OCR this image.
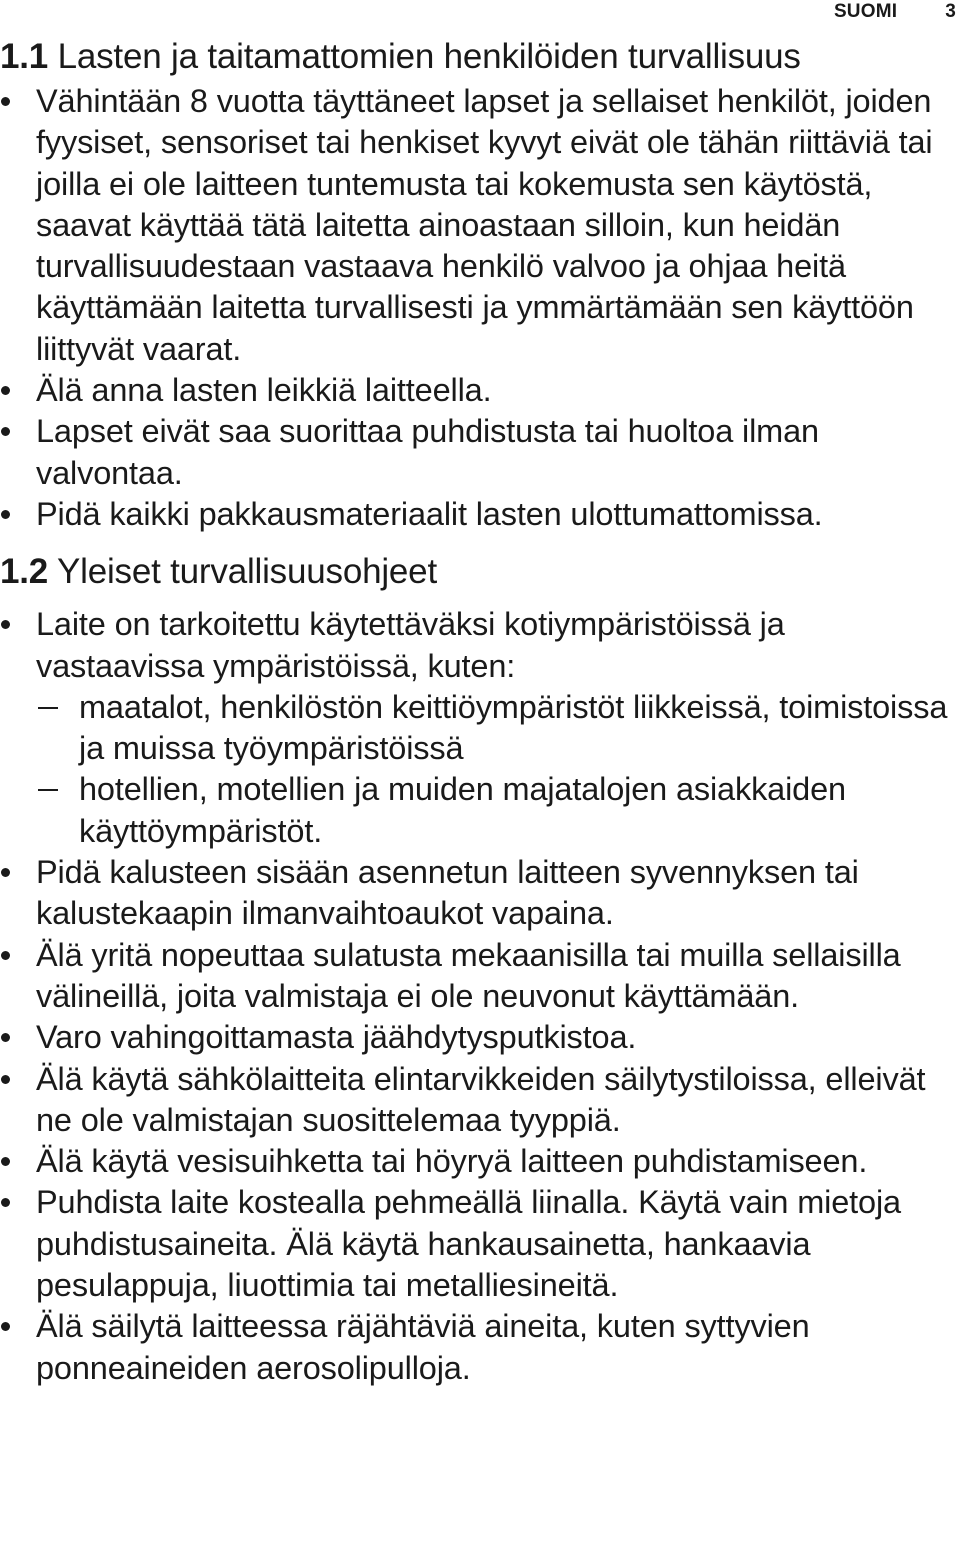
SUOMI	3
1.1 Lasten ja taitamattomien henkilöiden turvallisuus
Vähintään 8 vuotta täyttäneet lapset ja sellaiset henkilöt, joiden fyysiset, sensoriset tai henkiset kyvyt eivät ole tähän riittäviä tai joilla ei ole laitteen tuntemusta tai kokemusta sen käytöstä, saavat käyttää tätä laitetta ainoastaan silloin, kun heidän turvallisuudestaan vastaava henkilö valvoo ja ohjaa heitä käyttämään laitetta turvallisesti ja ymmärtämään sen käyttöön liittyvät vaarat.
Älä anna lasten leikkiä laitteella.
Lapset eivät saa suorittaa puhdistusta tai huoltoa ilman valvontaa.
Pidä kaikki pakkausmateriaalit lasten ulottumattomissa.
1.2 Yleiset turvallisuusohjeet
Laite on tarkoitettu käytettäväksi kotiympäristöissä ja vastaavissa ympäristöissä, kuten:
maatalot, henkilöstön keittiöympäristöt liikkeissä, toimistoissa ja muissa työympäristöissä
hotellien, motellien ja muiden majatalojen asiakkaiden käyttöympäristöt.
Pidä kalusteen sisään asennetun laitteen syvennyksen tai kalustekaapin ilmanvaihtoaukot vapaina.
Älä yritä nopeuttaa sulatusta mekaanisilla tai muilla sellaisilla välineillä, joita valmistaja ei ole neuvonut käyttämään.
Varo vahingoittamasta jäähdytysputkistoa.
Älä käytä sähkölaitteita elintarvikkeiden säilytystiloissa, elleivät ne ole valmistajan suosittelemaa tyyppiä.
Älä käytä vesisuihketta tai höyryä laitteen puhdistamiseen.
Puhdista laite kostealla pehmeällä liinalla. Käytä vain mietoja puhdistusaineita. Älä käytä hankausainetta, hankaavia pesulappuja, liuottimia tai metalliesineitä.
Älä säilytä laitteessa räjähtäviä aineita, kuten syttyvien ponneaineiden aerosolipulloja.
